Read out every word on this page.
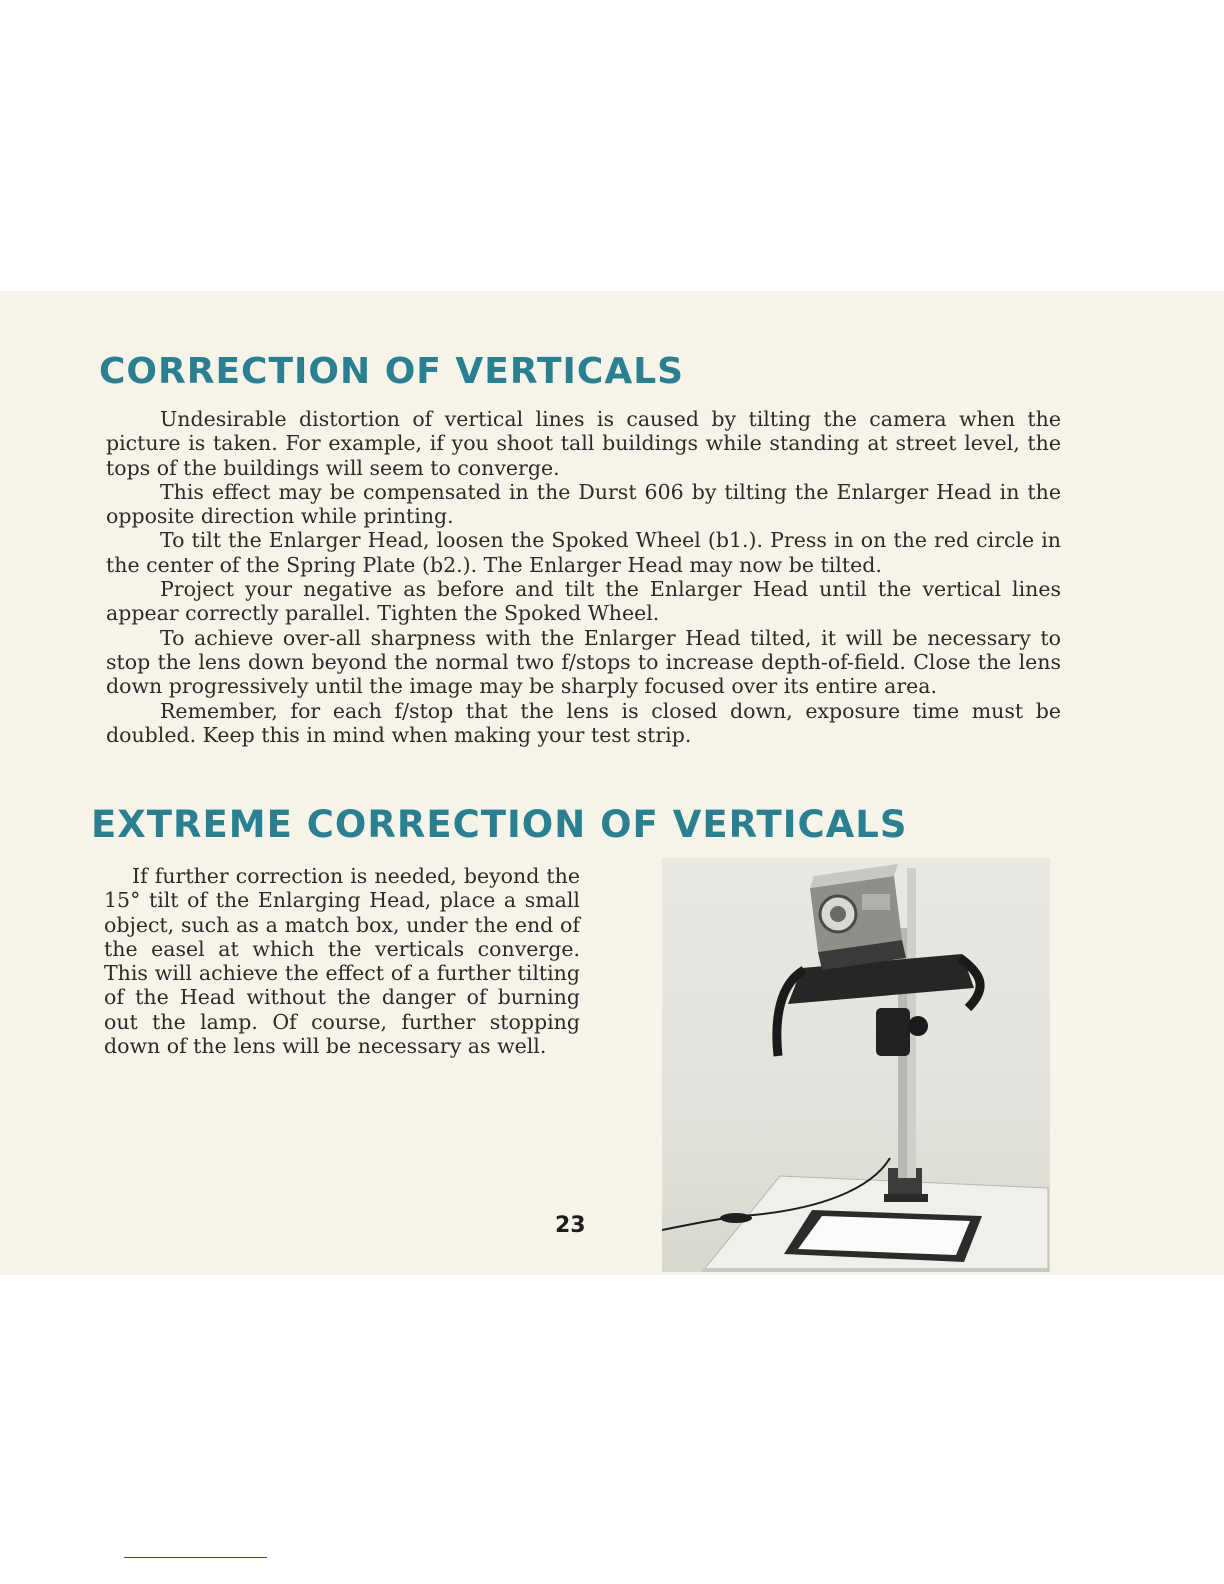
CORRECTION OF VERTICALS

Undesirable distortion of vertical lines is caused by tilting the camera when the picture is taken. For example, if you shoot tall buildings while standing at street level, the tops of the buildings will seem to converge.

This effect may be compensated in the Durst 606 by tilting the Enlarger Head in the opposite direction while printing.

To tilt the Enlarger Head, loosen the Spoked Wheel (b1.). Press in on the red circle in the center of the Spring Plate (b2.). The Enlarger Head may now be tilted.

Project your negative as before and tilt the Enlarger Head until the vertical lines appear correctly parallel. Tighten the Spoked Wheel.

To achieve over-all sharpness with the Enlarger Head tilted, it will be necessary to stop the lens down beyond the normal two f/stops to increase depth-of-field. Close the lens down progressively until the image may be sharply focused over its entire area.

Remember, for each f/stop that the lens is closed down, exposure time must be doubled. Keep this in mind when making your test strip.

EXTREME CORRECTION OF VERTICALS

If further correction is needed, beyond the 15° tilt of the Enlarging Head, place a small object, such as a match box, under the end of the easel at which the verticals converge. This will achieve the effect of a further tilting of the Head without the danger of burning out the lamp. Of course, further stopping down of the lens will be necessary as well.

23
